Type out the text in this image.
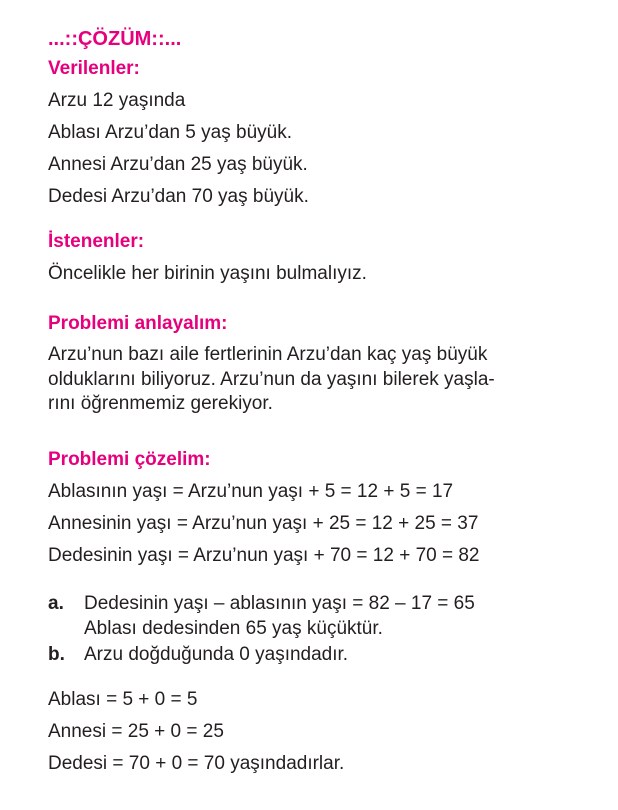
...::ÇÖZÜM::...
Verilenler:
Arzu 12 yaşında
Ablası Arzu’dan 5 yaş büyük.
Annesi Arzu’dan 25 yaş büyük.
Dedesi Arzu’dan 70 yaş büyük.
İstenenler:
Öncelikle her birinin yaşını bulmalıyız.
Problemi anlayalım:
Arzu’nun bazı aile fertlerinin Arzu’dan kaç yaş büyük
olduklarını biliyoruz. Arzu’nun da yaşını bilerek yaşla-
rını öğrenmemiz gerekiyor.
Problemi çözelim:
Ablasının yaşı = Arzu’nun yaşı + 5 = 12 + 5 = 17
Annesinin yaşı = Arzu’nun yaşı + 25 = 12 + 25 = 37
Dedesinin yaşı = Arzu’nun yaşı + 70 = 12 + 70 = 82
a. Dedesinin yaşı – ablasının yaşı = 82 – 17 = 65
Ablası dedesinden 65 yaş küçüktür.
b. Arzu doğduğunda 0 yaşındadır.
Ablası = 5 + 0 = 5
Annesi = 25 + 0 = 25
Dedesi = 70 + 0 = 70 yaşındadırlar.
